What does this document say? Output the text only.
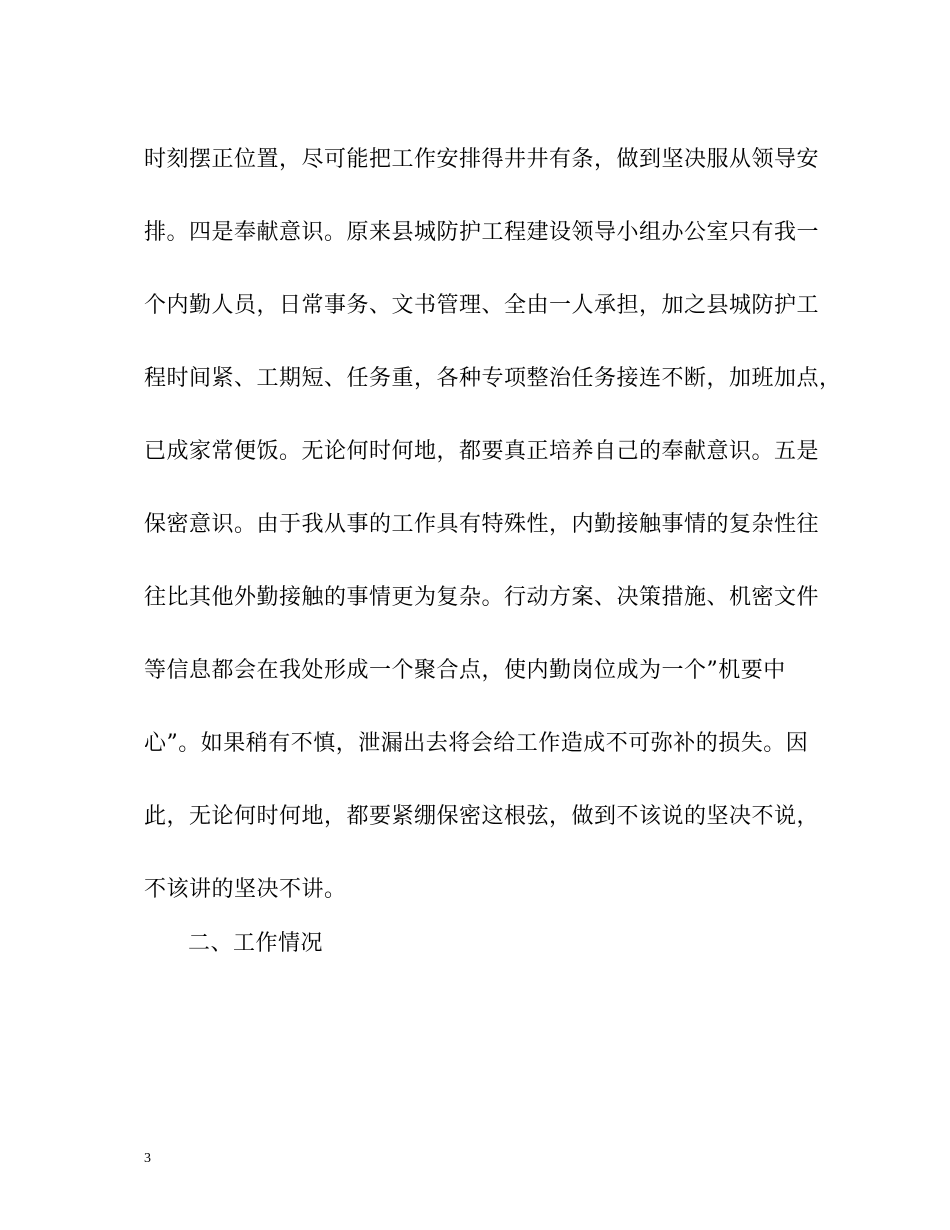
时刻摆正位置，尽可能把工作安排得井井有条，做到坚决服从领导安
排。四是奉献意识。原来县城防护工程建设领导小组办公室只有我一
个内勤人员，日常事务、文书管理、全由一人承担，加之县城防护工
程时间紧、工期短、任务重，各种专项整治任务接连不断，加班加点，
已成家常便饭。无论何时何地，都要真正培养自己的奉献意识。五是
保密意识。由于我从事的工作具有特殊性，内勤接触事情的复杂性往
往比其他外勤接触的事情更为复杂。行动方案、决策措施、机密文件
等信息都会在我处形成一个聚合点，使内勤岗位成为一个”机要中
心”。如果稍有不慎，泄漏出去将会给工作造成不可弥补的损失。因
此，无论何时何地，都要紧绷保密这根弦，做到不该说的坚决不说，
不该讲的坚决不讲。
二、工作情况
3
